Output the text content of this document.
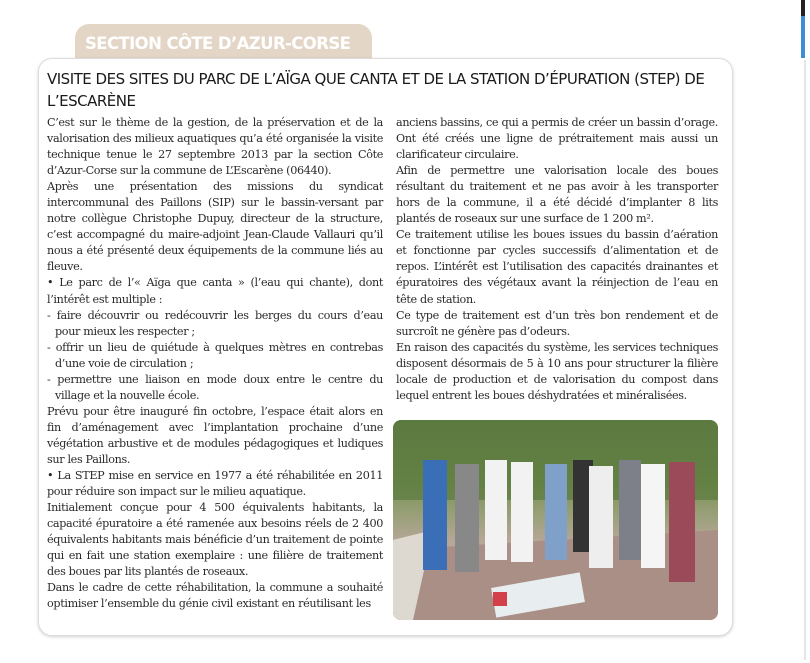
SECTION CÔTE D’AZUR-CORSE
VISITE DES SITES DU PARC DE L’AÏGA QUE CANTA ET DE LA STATION D’ÉPURATION (STEP) DE L’ESCARÈNE

C’est sur le thème de la gestion, de la préservation et de la valorisation des milieux aquatiques qu’a été organisée la visite technique tenue le 27 septembre 2013 par la section Côte d’Azur-Corse sur la commune de L’Escarène (06440).

Après une présentation des missions du syndicat intercommunal des Paillons (SIP) sur le bassin-versant par notre collègue Christophe Dupuy, directeur de la structure, c’est accompagné du maire-adjoint Jean-Claude Vallauri qu’il nous a été présenté deux équipements de la commune liés au fleuve.

• Le parc de l’« Aïga que canta » (l’eau qui chante), dont l’intérêt est multiple :

- faire découvrir ou redécouvrir les berges du cours d’eau pour mieux les respecter ;

- offrir un lieu de quiétude à quelques mètres en contrebas d’une voie de circulation ;

- permettre une liaison en mode doux entre le centre du village et la nouvelle école.

Prévu pour être inauguré fin octobre, l’espace était alors en fin d’aménagement avec l’implantation prochaine d’une végétation arbustive et de modules pédagogiques et ludiques sur les Paillons.

• La STEP mise en service en 1977 a été réhabilitée en 2011 pour réduire son impact sur le milieu aquatique.

Initialement conçue pour 4 500 équivalents habitants, la capacité épuratoire a été ramenée aux besoins réels de 2 400 équivalents habitants mais bénéficie d’un traitement de pointe qui en fait une station exemplaire : une filière de traitement des boues par lits plantés de roseaux.

Dans le cadre de cette réhabilitation, la commune a souhaité optimiser l’ensemble du génie civil existant en réutilisant les

anciens bassins, ce qui a permis de créer un bassin d’orage. Ont été créés une ligne de prétraitement mais aussi un clarificateur circulaire.

Afin de permettre une valorisation locale des boues résultant du traitement et ne pas avoir à les transporter hors de la commune, il a été décidé d’implanter 8 lits plantés de roseaux sur une surface de 1 200 m².

Ce traitement utilise les boues issues du bassin d’aération et fonctionne par cycles successifs d’alimentation et de repos. L’intérêt est l’utilisation des capacités drainantes et épuratoires des végétaux avant la réinjection de l’eau en tête de station.

Ce type de traitement est d’un très bon rendement et de surcroît ne génère pas d’odeurs.

En raison des capacités du système, les services techniques disposent désormais de 5 à 10 ans pour structurer la filière locale de production et de valorisation du compost dans lequel entrent les boues déshydratées et minéralisées.
